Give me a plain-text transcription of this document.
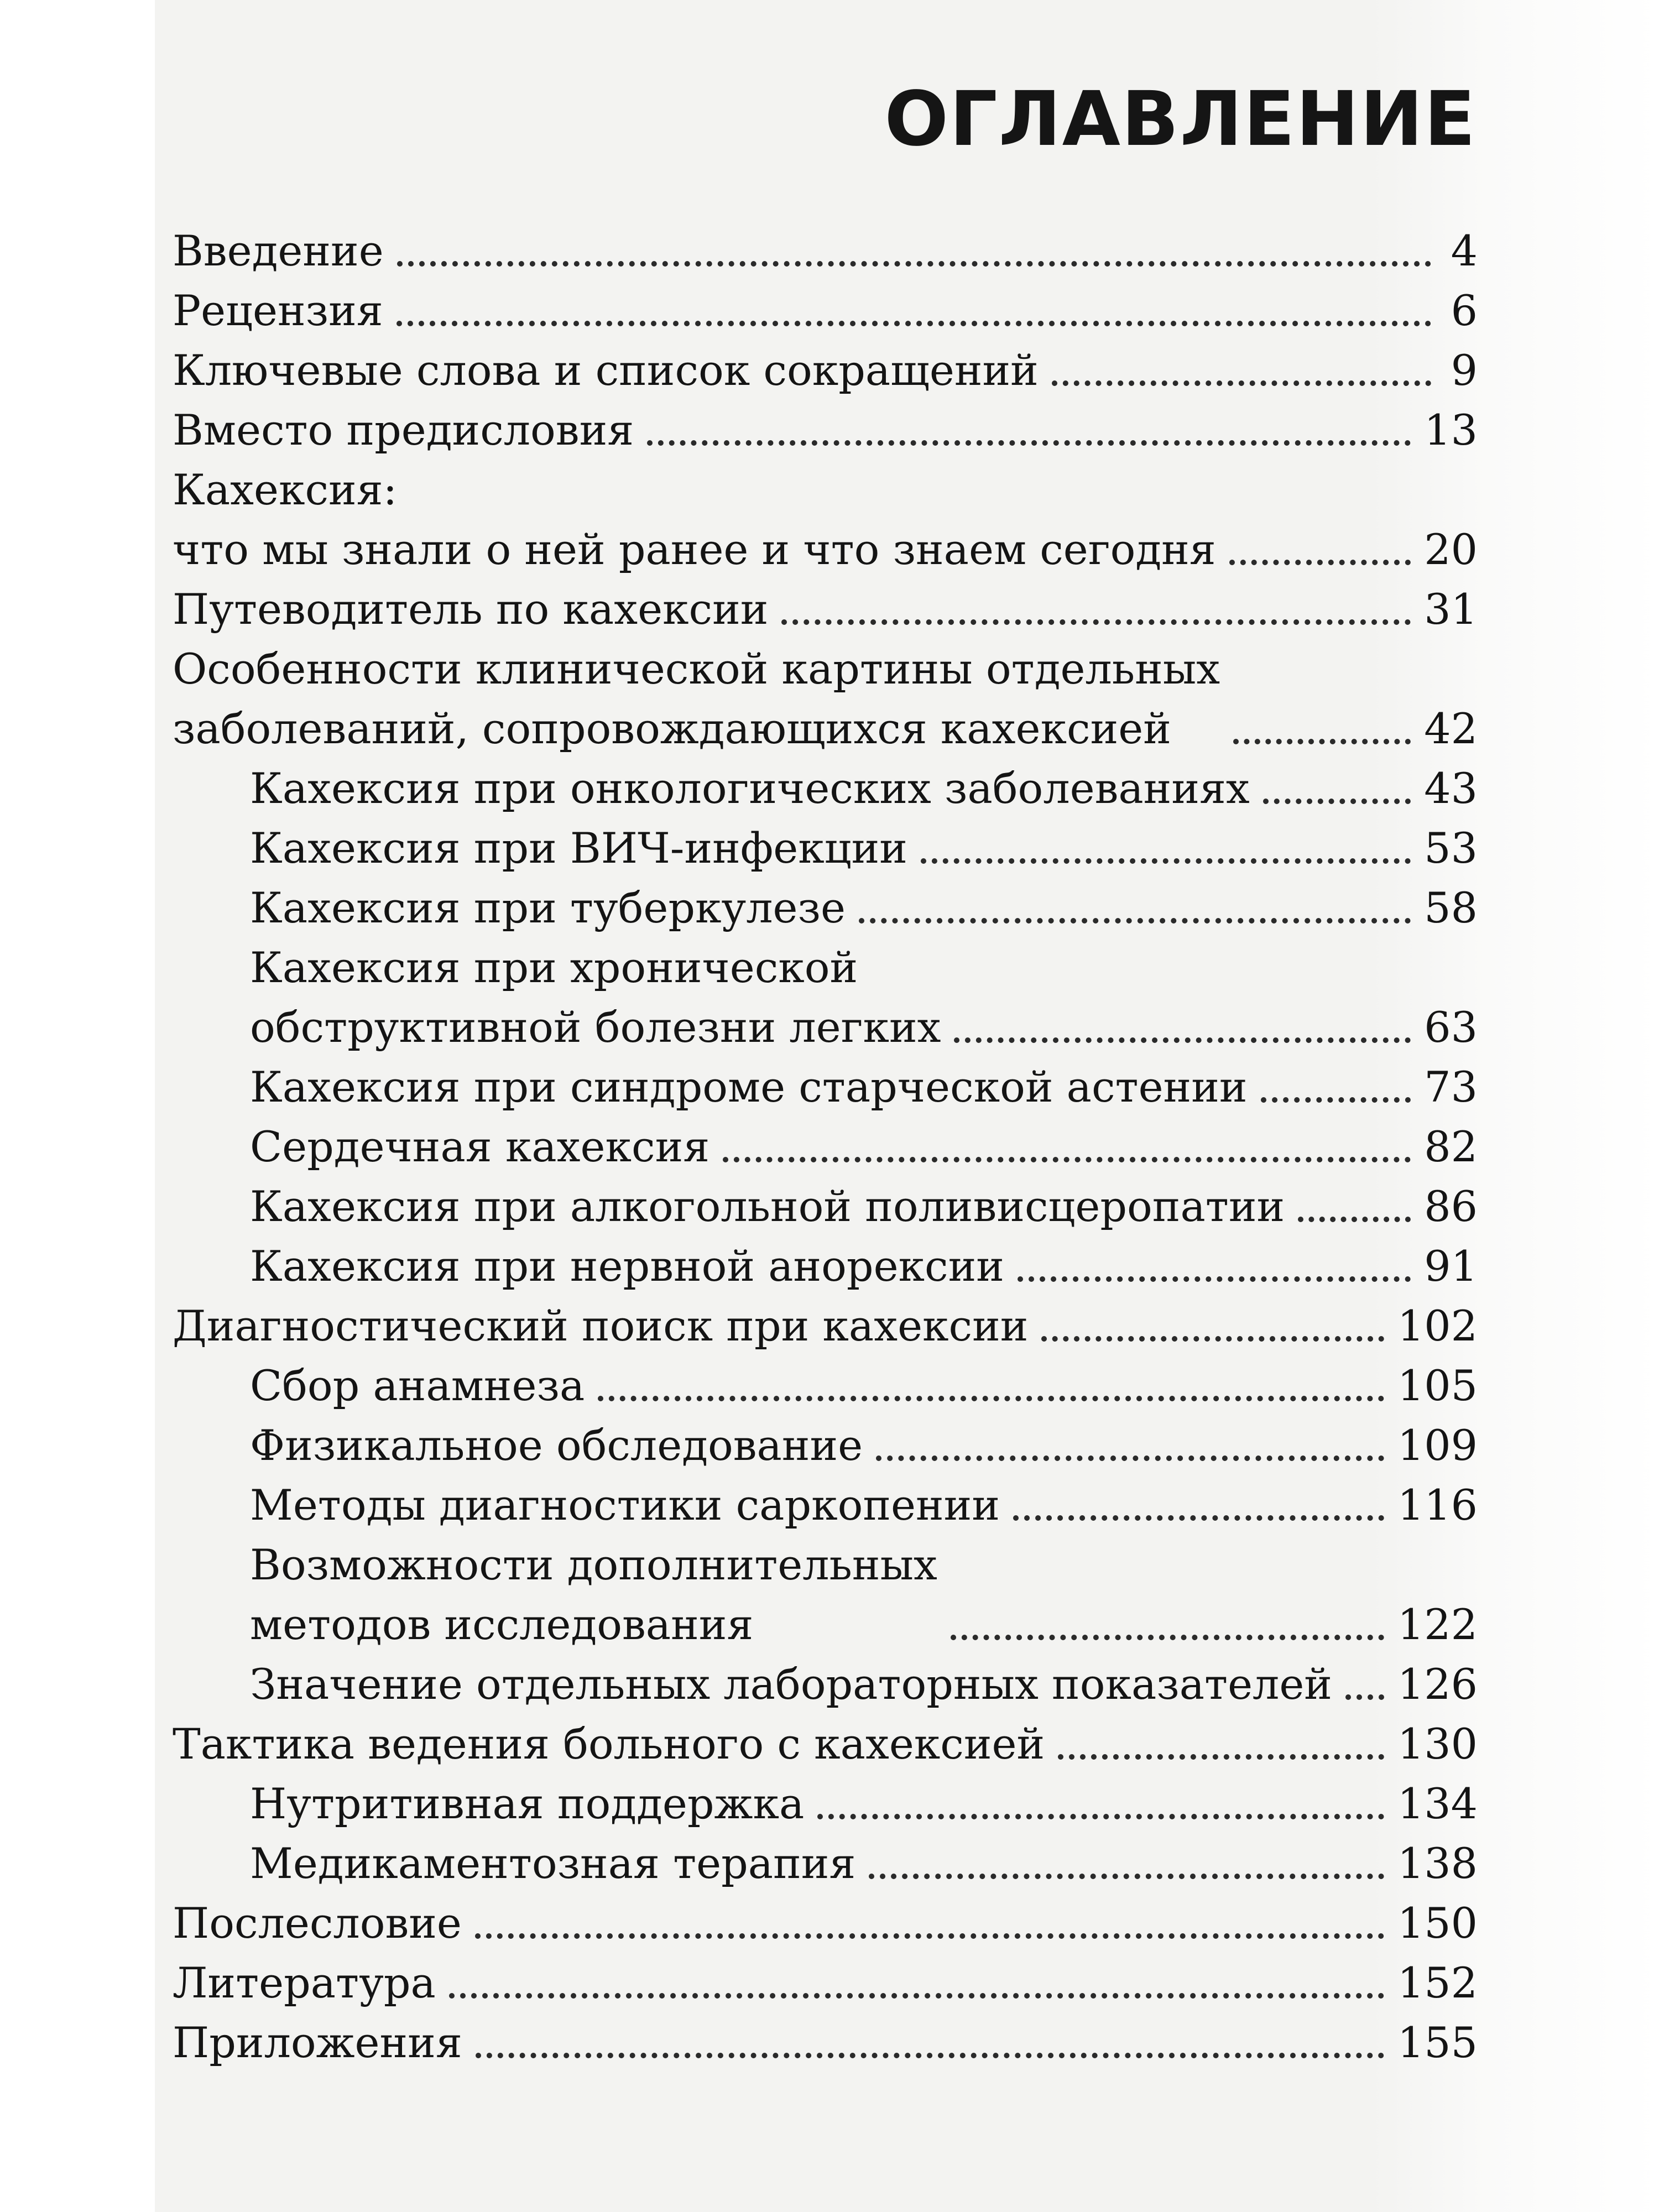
ОГЛАВЛЕНИЕ
Введение	4
Рецензия	6
Ключевые слова и список сокращений	9
Вместо предисловия	13
Кахексия:
что мы знали о ней ранее и что знаем сегодня	20
Путеводитель по кахексии	31
Особенности клинической картины отдельных
заболеваний, сопровождающихся кахексией	42
Кахексия при онкологических заболеваниях	43
Кахексия при ВИЧ-инфекции	53
Кахексия при туберкулезе	58
Кахексия при хронической
обструктивной болезни легких	63
Кахексия при синдроме старческой астении	73
Сердечная кахексия	82
Кахексия при алкогольной поливисцеропатии	86
Кахексия при нервной анорексии	91
Диагностический поиск при кахексии	102
Сбор анамнеза	105
Физикальное обследование	109
Методы диагностики саркопении	116
Возможности дополнительных
методов исследования	122
Значение отдельных лабораторных показателей 126
Тактика ведения больного с кахексией	130
Нутритивная поддержка	134
Медикаментозная терапия	138
Послесловие	150
Литература	152
Приложения	155
